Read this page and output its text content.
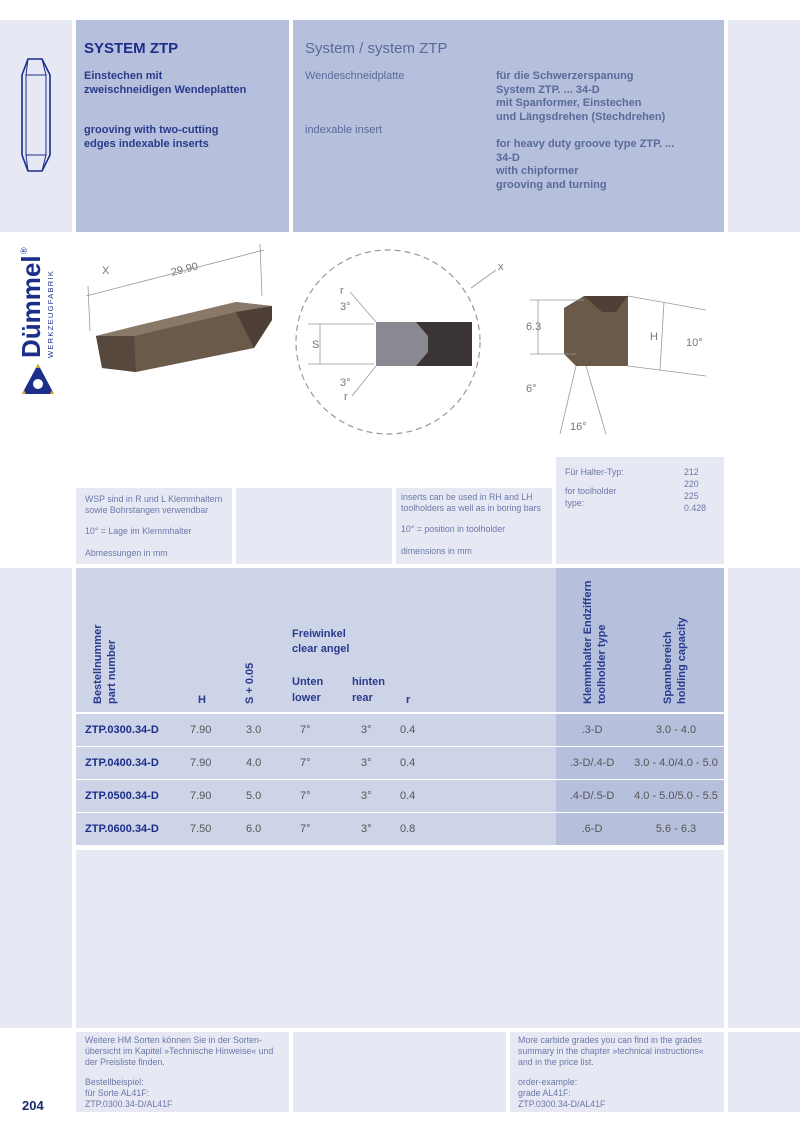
Dümmel
®
WERKZEUGFABRIK
204
SYSTEM ZTP
Einstechen mit
zweischneidigen Wendeplatten
grooving with two-cutting
edges indexable inserts
System / system ZTP
Wendeschneidplatte
indexable insert
für die Schwerzerspanung
System ZTP. ... 34-D
mit Spanformer, Einstechen
und Längsdrehen (Stechdrehen)
for heavy duty groove type ZTP. ...
34-D
with chipformer
grooving and turning
X	29.90	x
S
3°
3°
r
r
6.3
H	10°
6°
16°
WSP sind in R und L Klemmhaltern
sowie Bohrstangen verwendbar
10° = Lage im Klemmhalter
Abmessungen in mm
inserts can be used in RH and LH
toolholders as well as in boring bars
10° = position in toolholder
dimensions in mm
Für Halter-Typ:
for toolholder
type:
212
220
225
0.428
Bestellnummer part number	H	S + 0.05
Freiwinkel
clear angel
Unten
lower
hinten
rear	r	Klemmhalter Endziffern toolholder type	Spannbereich holding capacity
ZTP.0300.34-D	7.90	3.0	7°	3°	0.4	.3-D	3.0 - 4.0
ZTP.0400.34-D	7.90	4.0	7°	3°	0.4	.3-D/.4-D	3.0 - 4.0/4.0 - 5.0
ZTP.0500.34-D	7.90	5.0	7°	3°	0.4	.4-D/.5-D	4.0 - 5.0/5.0 - 5.5
ZTP.0600.34-D	7.50	6.0	7°	3°	0.8	.6-D	5.6 - 6.3
Weitere HM Sorten können Sie in der Sorten-
übersicht im Kapitel »Technische Hinweise« und
der Preisliste finden.
Bestellbeispiel:
für Sorte AL41F:
ZTP.0300.34-D/AL41F
More carbide grades you can find in the grades
summary in the chapter »technical instructions«
and in the price list.
order-example:
grade AL41F:
ZTP.0300.34-D/AL41F
